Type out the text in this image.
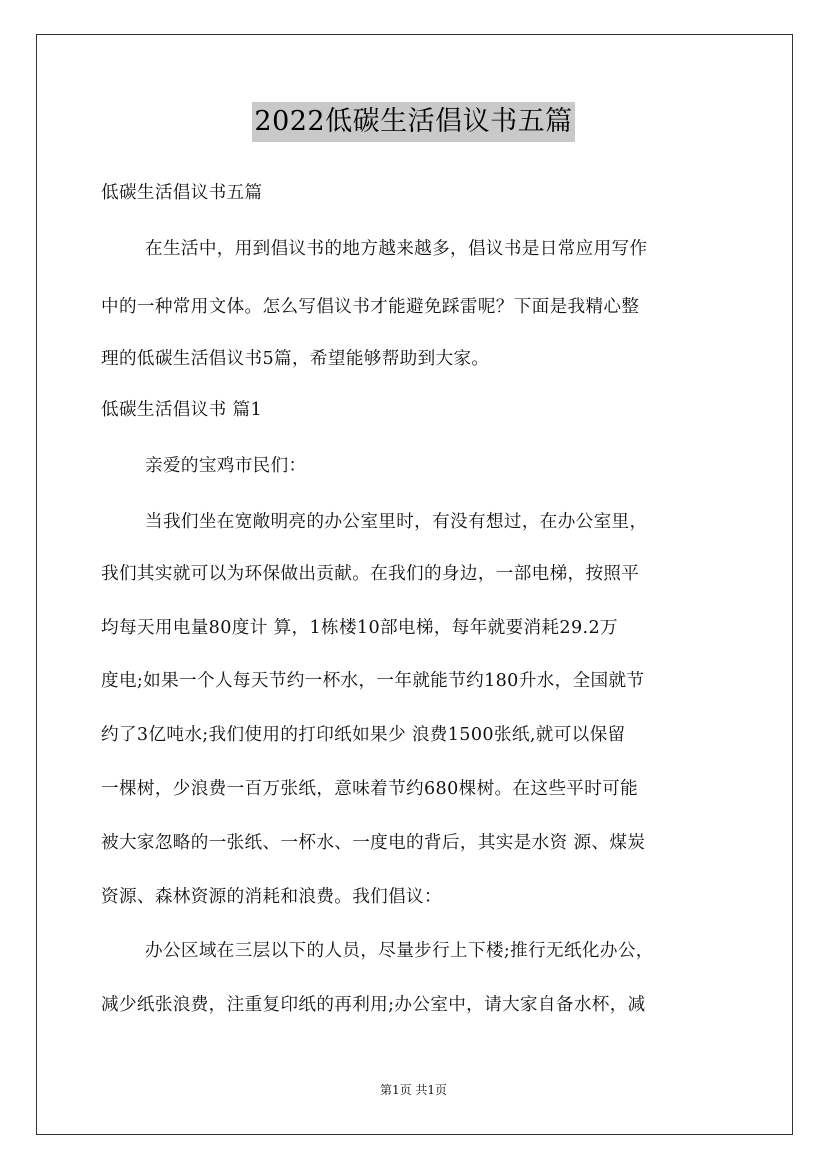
2022低碳生活倡议书五篇
低碳生活倡议书五篇
在生活中，用到倡议书的地方越来越多，倡议书是日常应用写作
中的一种常用文体。怎么写倡议书才能避免踩雷呢？下面是我精心整
理的低碳生活倡议书5篇，希望能够帮助到大家。
低碳生活倡议书 篇1
亲爱的宝鸡市民们：
当我们坐在宽敞明亮的办公室里时，有没有想过，在办公室里，
我们其实就可以为环保做出贡献。在我们的身边，一部电梯，按照平
均每天用电量80度计 算，1栋楼10部电梯，每年就要消耗29.2万
度电;如果一个人每天节约一杯水，一年就能节约180升水，全国就节
约了3亿吨水;我们使用的打印纸如果少 浪费1500张纸,就可以保留
一棵树，少浪费一百万张纸，意味着节约680棵树。在这些平时可能
被大家忽略的一张纸、一杯水、一度电的背后，其实是水资 源、煤炭
资源、森林资源的消耗和浪费。我们倡议：
办公区域在三层以下的人员，尽量步行上下楼;推行无纸化办公，
减少纸张浪费，注重复印纸的再利用;办公室中，请大家自备水杯，减
第1页 共1页
